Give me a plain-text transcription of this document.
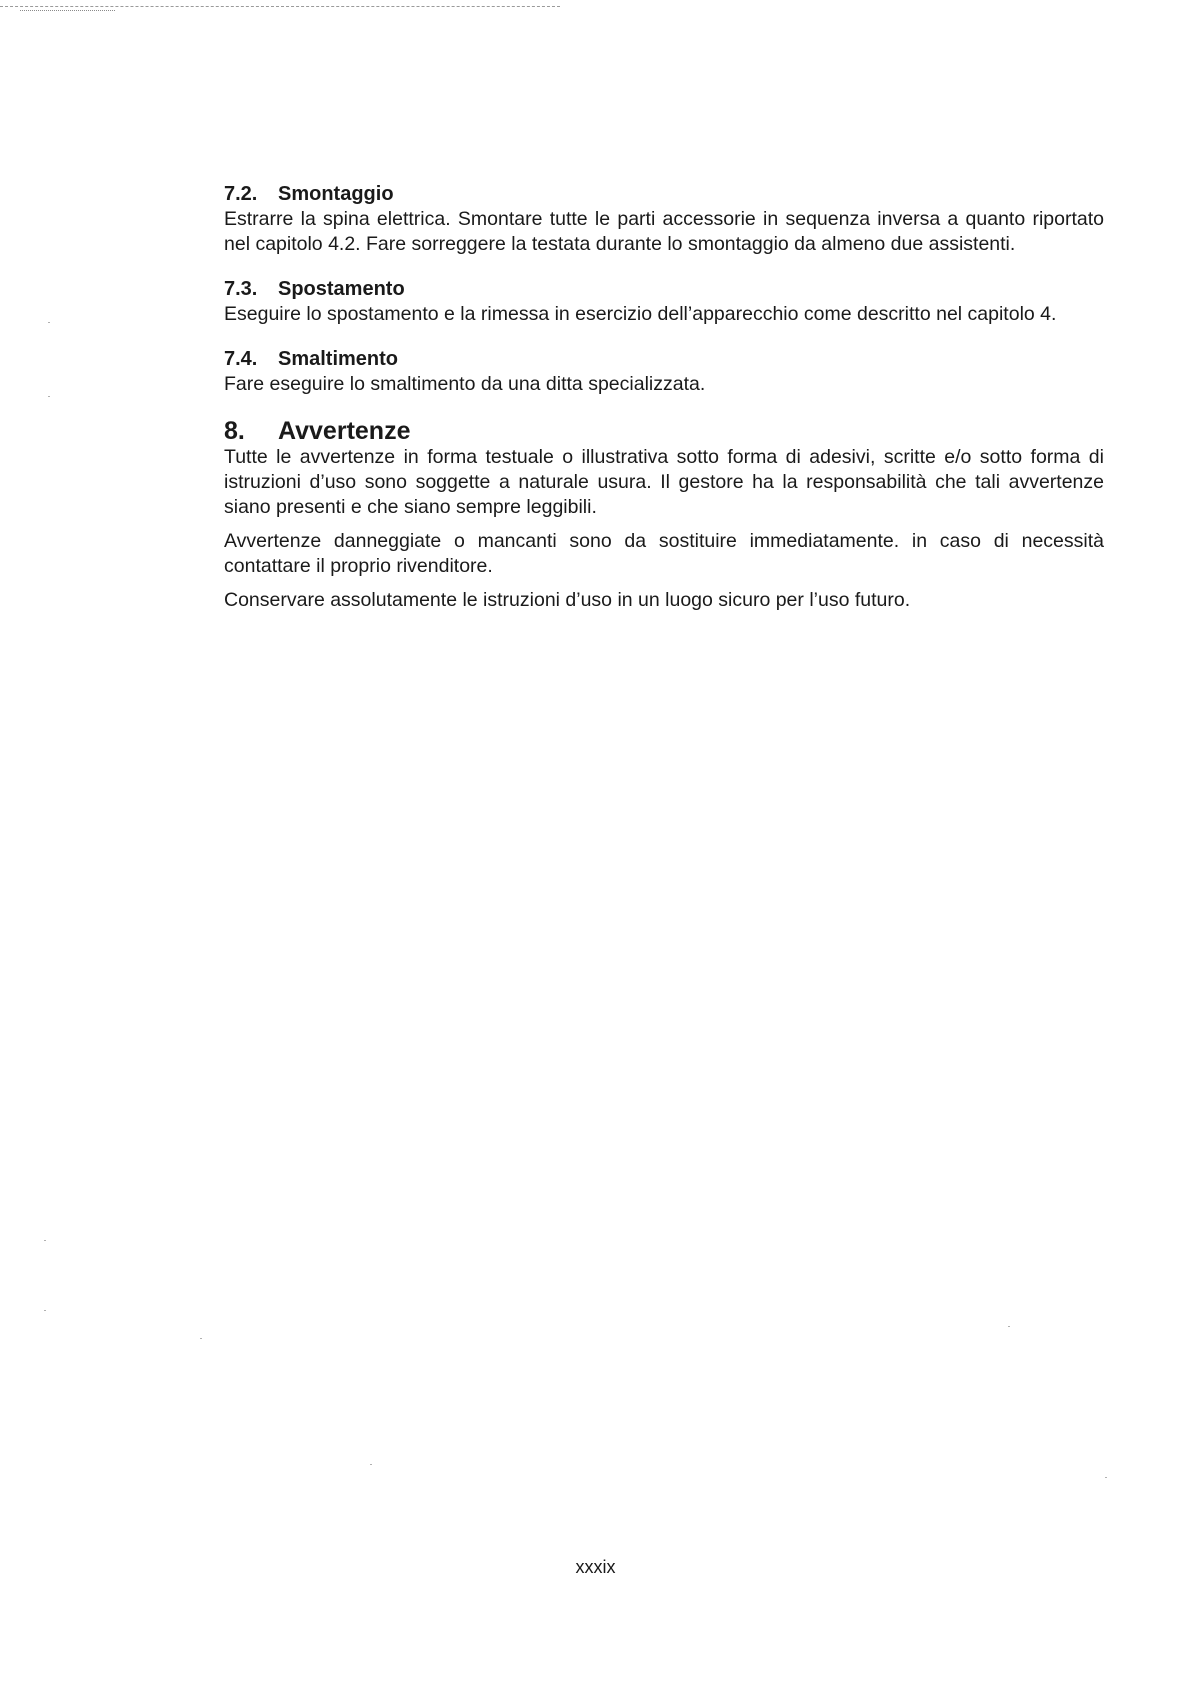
7.2. Smontaggio

Estrarre la spina elettrica. Smontare tutte le parti accessorie in sequenza inversa a quanto riportato nel capitolo 4.2. Fare sorreggere la testata durante lo smontaggio da almeno due assistenti.

7.3. Spostamento

Eseguire lo spostamento e la rimessa in esercizio dell’apparecchio come descritto nel capitolo 4.

7.4. Smaltimento

Fare eseguire lo smaltimento da una ditta specializzata.

8. Avvertenze

Tutte le avvertenze in forma testuale o illustrativa sotto forma di adesivi, scritte e/o sotto forma di istruzioni d’uso sono soggette a naturale usura. Il gestore ha la responsabilità che tali avvertenze siano presenti e che siano sempre leggibili.

Avvertenze danneggiate o mancanti sono da sostituire immediatamente. in caso di necessità contattare il proprio rivenditore.

Conservare assolutamente le istruzioni d’uso in un luogo sicuro per l’uso futuro.

xxxix
